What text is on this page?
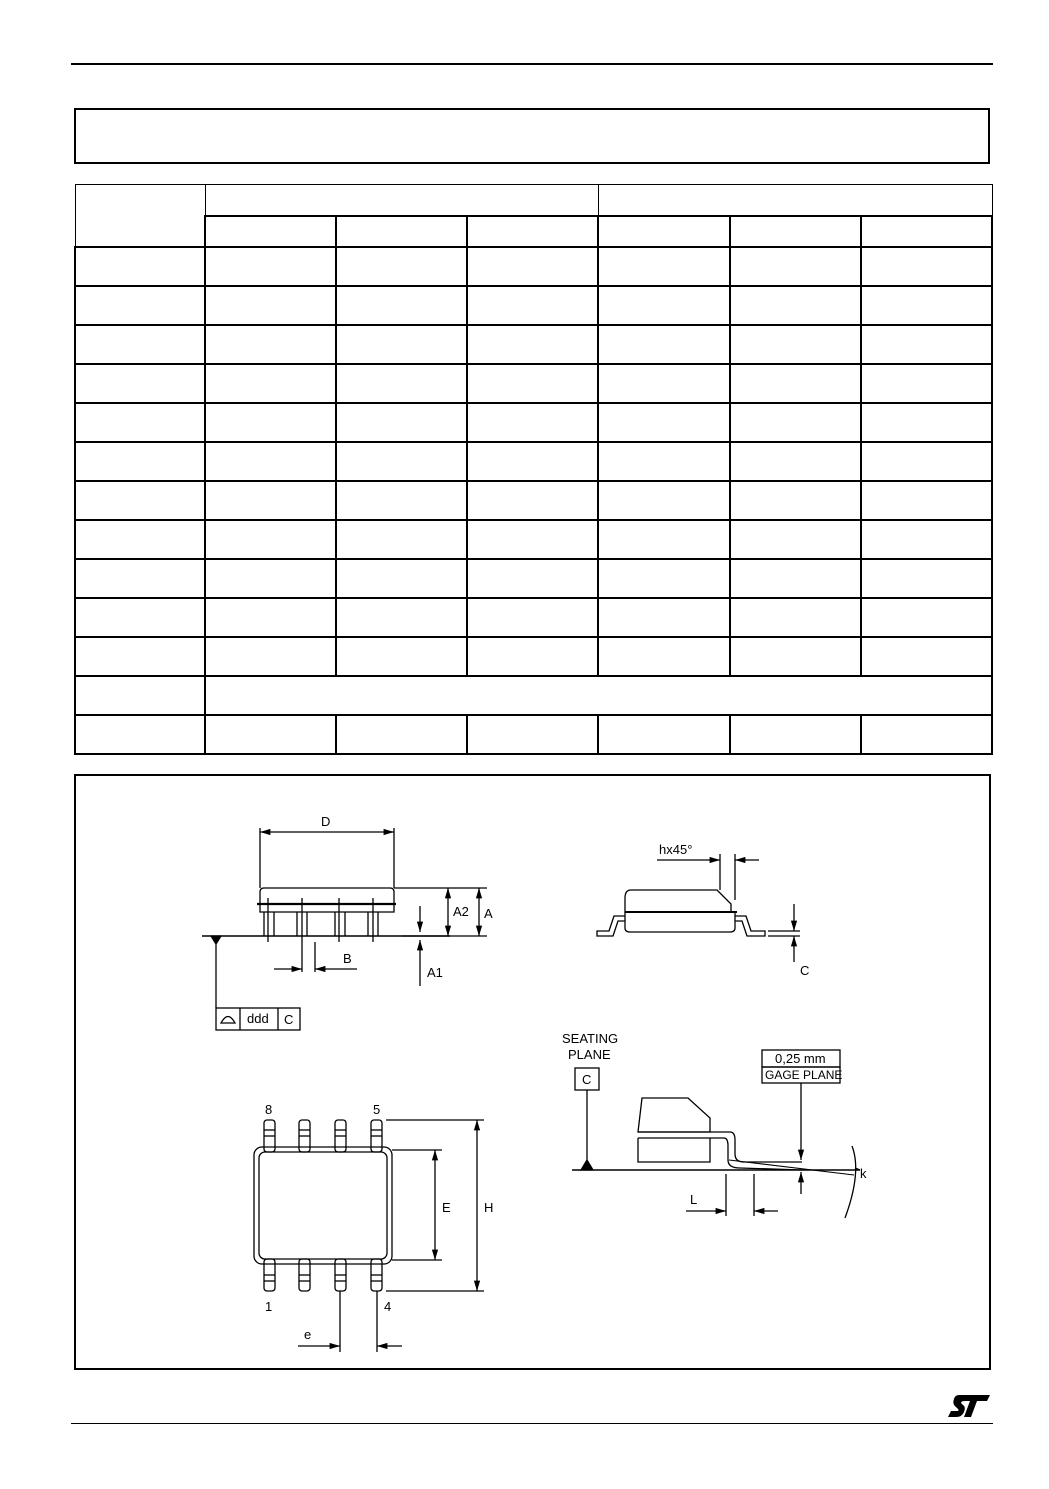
D
A2 A
A1
B
ddd C
hx45°
C
SEATING
PLANE
C
0,25 mm
GAGE PLANE
k
L
8	5
1	4
E	H
e
